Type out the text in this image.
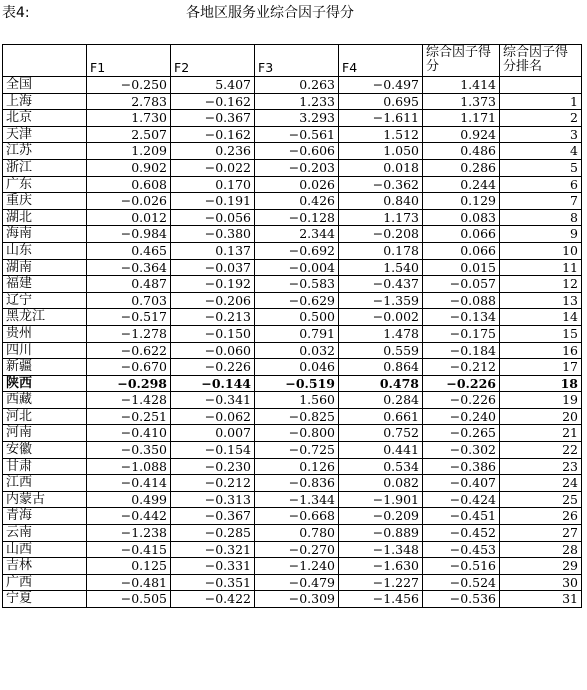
表4:	各地区服务业综合因子得分
	F1	F2	F3	F4	综合因子得分	综合因子得分排名
全国	−0.250	5.407	0.263	−0.497	1.414	
上海	2.783	−0.162	1.233	0.695	1.373	1
北京	1.730	−0.367	3.293	−1.611	1.171	2
天津	2.507	−0.162	−0.561	1.512	0.924	3
江苏	1.209	0.236	−0.606	1.050	0.486	4
浙江	0.902	−0.022	−0.203	0.018	0.286	5
广东	0.608	0.170	0.026	−0.362	0.244	6
重庆	−0.026	−0.191	0.426	0.840	0.129	7
湖北	0.012	−0.056	−0.128	1.173	0.083	8
海南	−0.984	−0.380	2.344	−0.208	0.066	9
山东	0.465	0.137	−0.692	0.178	0.066	10
湖南	−0.364	−0.037	−0.004	1.540	0.015	11
福建	0.487	−0.192	−0.583	−0.437	−0.057	12
辽宁	0.703	−0.206	−0.629	−1.359	−0.088	13
黑龙江	−0.517	−0.213	0.500	−0.002	−0.134	14
贵州	−1.278	−0.150	0.791	1.478	−0.175	15
四川	−0.622	−0.060	0.032	0.559	−0.184	16
新疆	−0.670	−0.226	0.046	0.864	−0.212	17
陕西	−0.298	−0.144	−0.519	0.478	−0.226	18
西藏	−1.428	−0.341	1.560	0.284	−0.226	19
河北	−0.251	−0.062	−0.825	0.661	−0.240	20
河南	−0.410	0.007	−0.800	0.752	−0.265	21
安徽	−0.350	−0.154	−0.725	0.441	−0.302	22
甘肃	−1.088	−0.230	0.126	0.534	−0.386	23
江西	−0.414	−0.212	−0.836	0.082	−0.407	24
内蒙古	0.499	−0.313	−1.344	−1.901	−0.424	25
青海	−0.442	−0.367	−0.668	−0.209	−0.451	26
云南	−1.238	−0.285	0.780	−0.889	−0.452	27
山西	−0.415	−0.321	−0.270	−1.348	−0.453	28
吉林	0.125	−0.331	−1.240	−1.630	−0.516	29
广西	−0.481	−0.351	−0.479	−1.227	−0.524	30
宁夏	−0.505	−0.422	−0.309	−1.456	−0.536	31
